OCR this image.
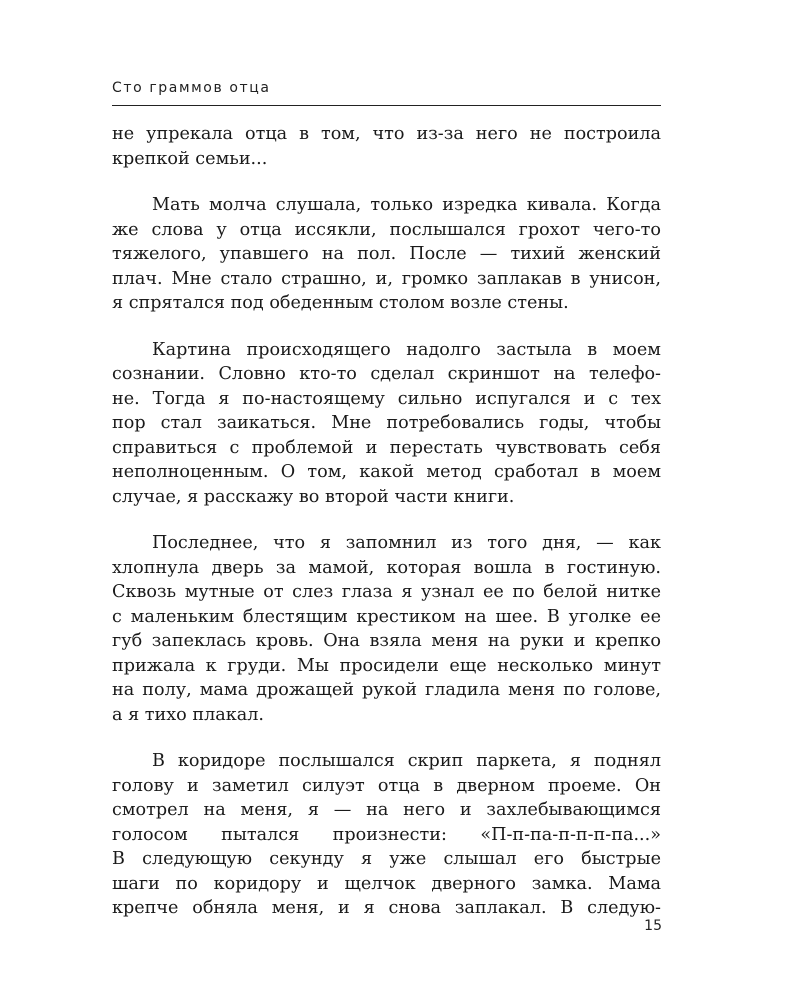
Сто граммов отца
не упрекала отца в том, что из-за него не построила
крепкой семьи...
Мать молча слушала, только изредка кивала. Когда
же слова у отца иссякли, послышался грохот чего-то
тяжелого, упавшего на пол. После — тихий женский
плач. Мне стало страшно, и, громко заплакав в унисон,
я спрятался под обеденным столом возле стены.
Картина происходящего надолго застыла в моем
сознании. Словно кто-то сделал скриншот на телефо-
не. Тогда я по-настоящему сильно испугался и с тех
пор стал заикаться. Мне потребовались годы, чтобы
справиться с проблемой и перестать чувствовать себя
неполноценным. О том, какой метод сработал в моем
случае, я расскажу во второй части книги.
Последнее, что я запомнил из того дня, — как
хлопнула дверь за мамой, которая вошла в гостиную.
Сквозь мутные от слез глаза я узнал ее по белой нитке
с маленьким блестящим крестиком на шее. В уголке ее
губ запеклась кровь. Она взяла меня на руки и крепко
прижала к груди. Мы просидели еще несколько минут
на полу, мама дрожащей рукой гладила меня по голове,
а я тихо плакал.
В коридоре послышался скрип паркета, я поднял
голову и заметил силуэт отца в дверном проеме. Он
смотрел на меня, я — на него и захлебывающимся
голосом пытался произнести: «П-п-па-п-п-п-па...»
В следующую секунду я уже слышал его быстрые
шаги по коридору и щелчок дверного замка. Мама
крепче обняла меня, и я снова заплакал. В следую-
15
